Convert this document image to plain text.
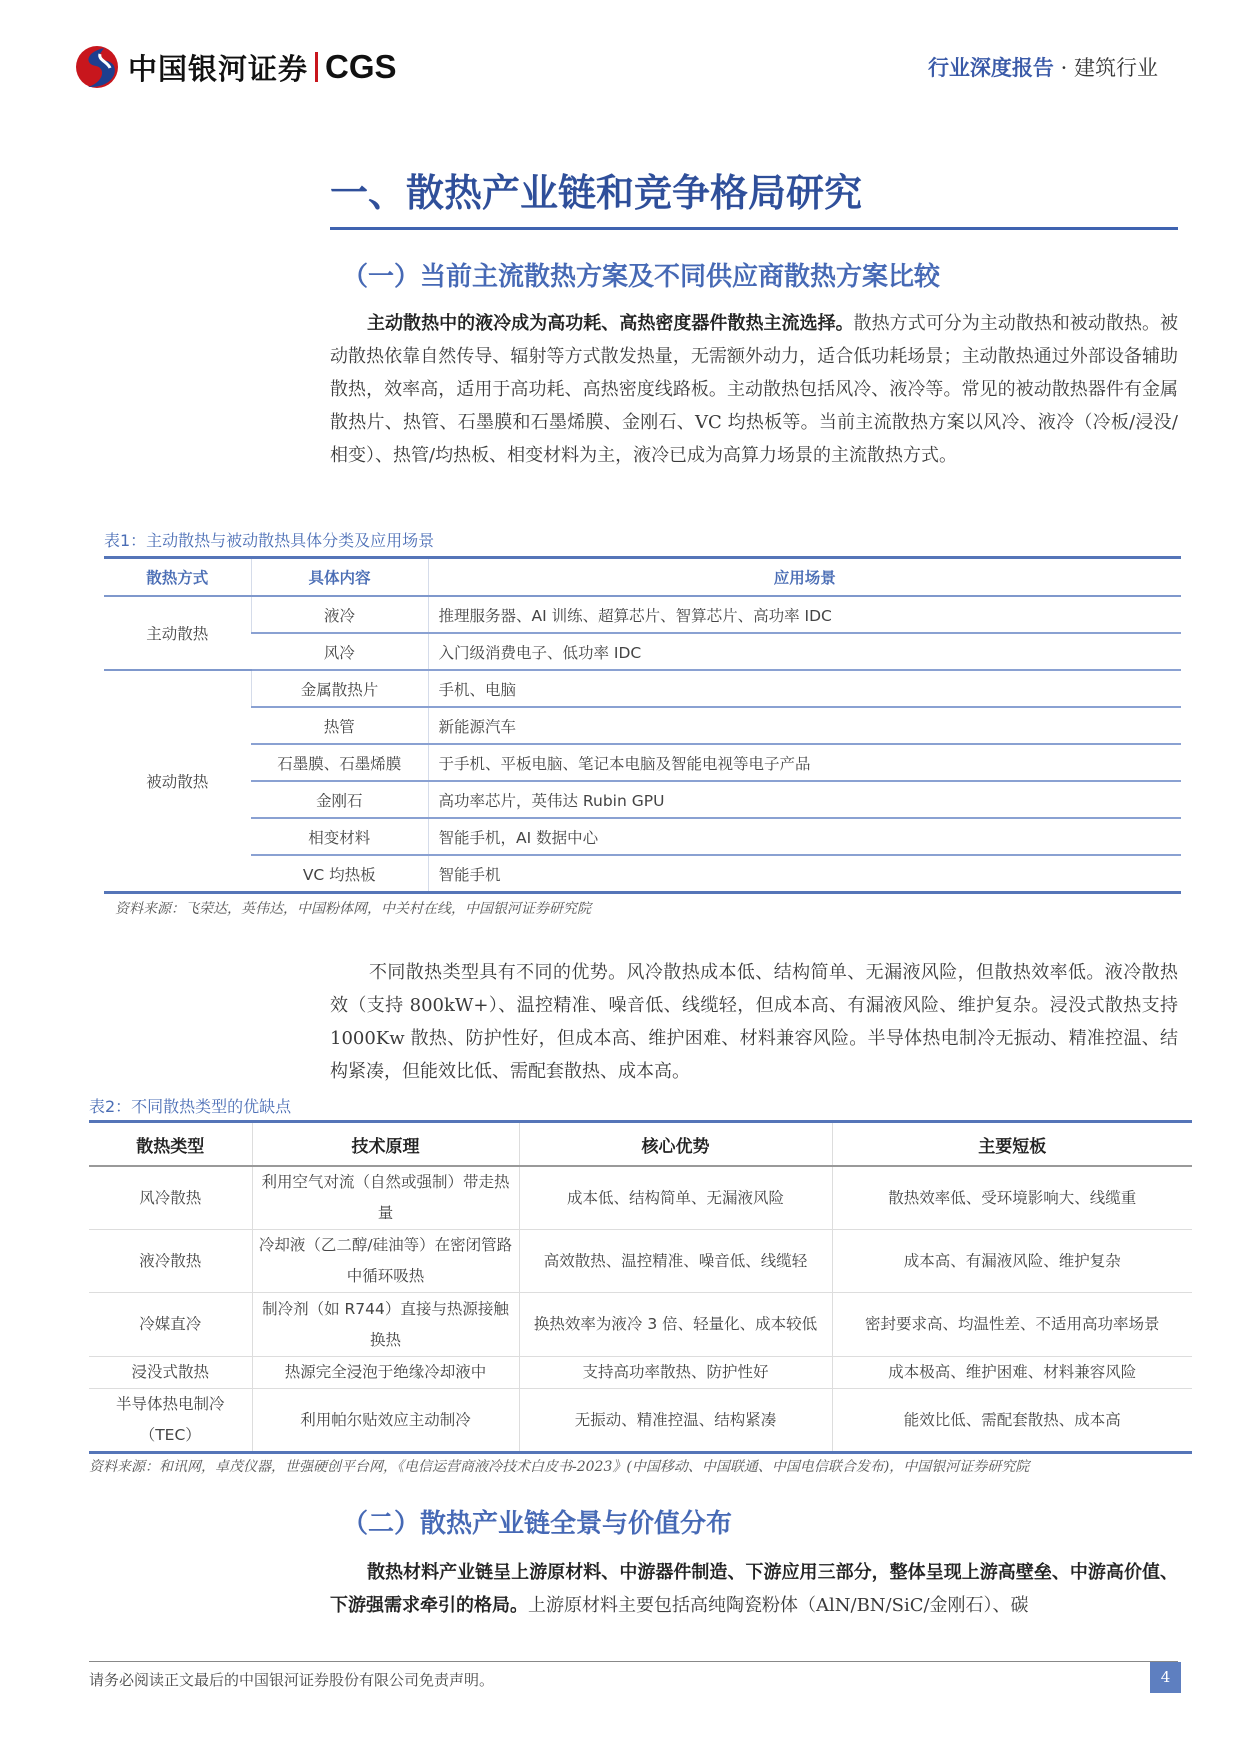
中国银河证券 CGS	行业深度报告 · 建筑行业
一、散热产业链和竞争格局研究
（一）当前主流散热方案及不同供应商散热方案比较
主动散热中的液冷成为高功耗、高热密度器件散热主流选择。散热方式可分为主动散热和被动散热。被动散热依靠自然传导、辐射等方式散发热量，无需额外动力，适合低功耗场景；主动散热通过外部设备辅助散热，效率高，适用于高功耗、高热密度线路板。主动散热包括风冷、液冷等。常见的被动散热器件有金属散热片、热管、石墨膜和石墨烯膜、金刚石、VC 均热板等。当前主流散热方案以风冷、液冷（冷板/浸没/相变）、热管/均热板、相变材料为主，液冷已成为高算力场景的主流散热方式。
表1：主动散热与被动散热具体分类及应用场景
散热方式	具体内容	应用场景
主动散热	液冷	推理服务器、AI 训练、超算芯片、智算芯片、高功率 IDC
	风冷	入门级消费电子、低功率 IDC
被动散热	金属散热片	手机、电脑
	热管	新能源汽车
	石墨膜、石墨烯膜	于手机、平板电脑、笔记本电脑及智能电视等电子产品
	金刚石	高功率芯片，英伟达 Rubin GPU
	相变材料	智能手机，AI 数据中心
	VC 均热板	智能手机
资料来源：飞荣达，英伟达，中国粉体网，中关村在线，中国银河证券研究院
不同散热类型具有不同的优势。风冷散热成本低、结构简单、无漏液风险，但散热效率低。液冷散热效（支持 800kW+）、温控精准、噪音低、线缆轻，但成本高、有漏液风险、维护复杂。浸没式散热支持 1000Kw 散热、防护性好，但成本高、维护困难、材料兼容风险。半导体热电制冷无振动、精准控温、结构紧凑，但能效比低、需配套散热、成本高。
表2：不同散热类型的优缺点
散热类型	技术原理	核心优势	主要短板
风冷散热	利用空气对流（自然或强制）带走热量	成本低、结构简单、无漏液风险	散热效率低、受环境影响大、线缆重
液冷散热	冷却液（乙二醇/硅油等）在密闭管路中循环吸热	高效散热、温控精准、噪音低、线缆轻	成本高、有漏液风险、维护复杂
冷媒直冷	制冷剂（如 R744）直接与热源接触换热	换热效率为液冷 3 倍、轻量化、成本较低	密封要求高、均温性差、不适用高功率场景
浸没式散热	热源完全浸泡于绝缘冷却液中	支持高功率散热、防护性好	成本极高、维护困难、材料兼容风险
半导体热电制冷（TEC）	利用帕尔贴效应主动制冷	无振动、精准控温、结构紧凑	能效比低、需配套散热、成本高
资料来源：和讯网，卓茂仪器，世强硬创平台网，《电信运营商液冷技术白皮书-2023》(中国移动、中国联通、中国电信联合发布)，中国银河证券研究院
（二）散热产业链全景与价值分布
散热材料产业链呈上游原材料、中游器件制造、下游应用三部分，整体呈现上游高壁垒、中游高价值、下游强需求牵引的格局。上游原材料主要包括高纯陶瓷粉体（AlN/BN/SiC/金刚石）、碳
请务必阅读正文最后的中国银河证券股份有限公司免责声明。	4
